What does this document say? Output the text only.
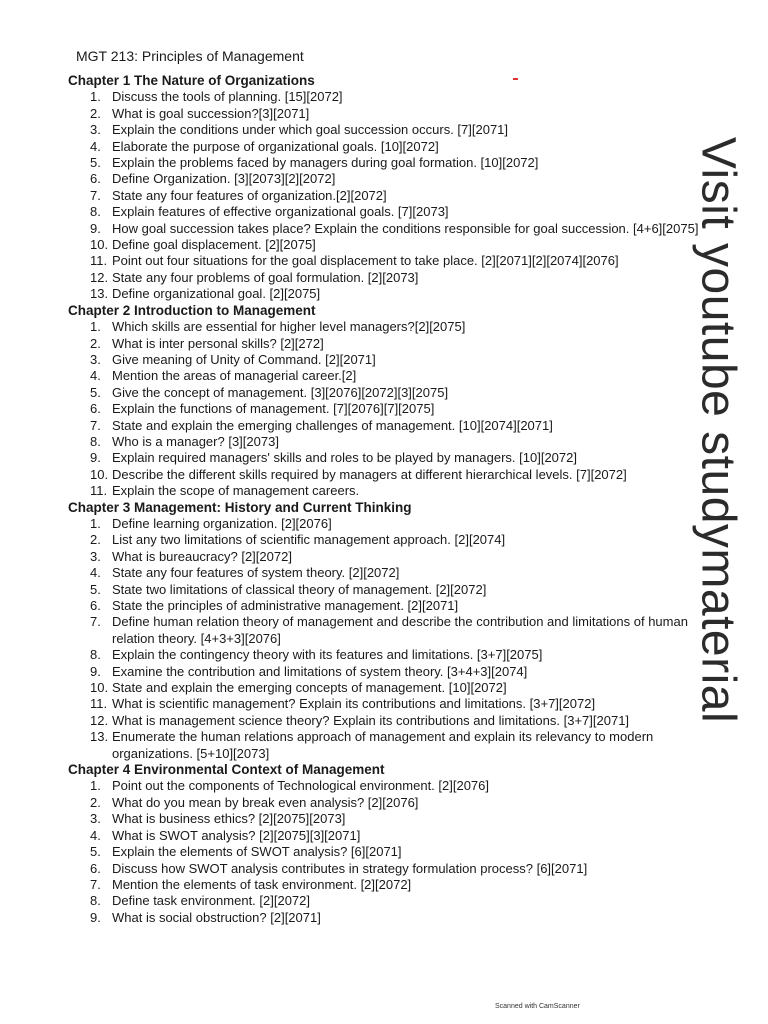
MGT 213: Principles of Management
Chapter 1 The Nature of Organizations
1. Discuss the tools of planning. [15][2072]
2. What is goal succession?[3][2071]
3. Explain the conditions under which goal succession occurs. [7][2071]
4. Elaborate the purpose of organizational goals. [10][2072]
5. Explain the problems faced by managers during goal formation. [10][2072]
6. Define Organization. [3][2073][2][2072]
7. State any four features of organization.[2][2072]
8. Explain features of effective organizational goals. [7][2073]
9. How goal succession takes place? Explain the conditions responsible for goal succession. [4+6][2075]
10. Define goal displacement. [2][2075]
11. Point out four situations for the goal displacement to take place. [2][2071][2][2074][2076]
12. State any four problems of goal formulation. [2][2073]
13. Define organizational goal. [2][2075]
Chapter 2 Introduction to Management
1. Which skills are essential for higher level managers?[2][2075]
2. What is inter personal skills? [2][272]
3. Give meaning of Unity of Command. [2][2071]
4. Mention the areas of managerial career.[2]
5. Give the concept of management. [3][2076][2072][3][2075]
6. Explain the functions of management. [7][2076][7][2075]
7. State and explain the emerging challenges of management. [10][2074][2071]
8. Who is a manager? [3][2073]
9. Explain required managers' skills and roles to be played by managers. [10][2072]
10. Describe the different skills required by managers at different hierarchical levels. [7][2072]
11. Explain the scope of management careers.
Chapter 3 Management: History and Current Thinking
1. Define learning organization. [2][2076]
2. List any two limitations of scientific management approach. [2][2074]
3. What is bureaucracy? [2][2072]
4. State any four features of system theory. [2][2072]
5. State two limitations of classical theory of management. [2][2072]
6. State the principles of administrative management. [2][2071]
7. Define human relation theory of management and describe the contribution and limitations of human relation theory. [4+3+3][2076]
8. Explain the contingency theory with its features and limitations. [3+7][2075]
9. Examine the contribution and limitations of system theory. [3+4+3][2074]
10. State and explain the emerging concepts of management. [10][2072]
11. What is scientific management? Explain its contributions and limitations. [3+7][2072]
12. What is management science theory? Explain its contributions and limitations. [3+7][2071]
13. Enumerate the human relations approach of management and explain its relevancy to modern organizations. [5+10][2073]
Chapter 4 Environmental Context of Management
1. Point out the components of Technological environment. [2][2076]
2. What do you mean by break even analysis? [2][2076]
3. What is business ethics? [2][2075][2073]
4. What is SWOT analysis? [2][2075][3][2071]
5. Explain the elements of SWOT analysis? [6][2071]
6. Discuss how SWOT analysis contributes in strategy formulation process? [6][2071]
7. Mention the elements of task environment. [2][2072]
8. Define task environment. [2][2072]
9. What is social obstruction? [2][2071]
Visit youtube studymaterial
Scanned with CamScanner
